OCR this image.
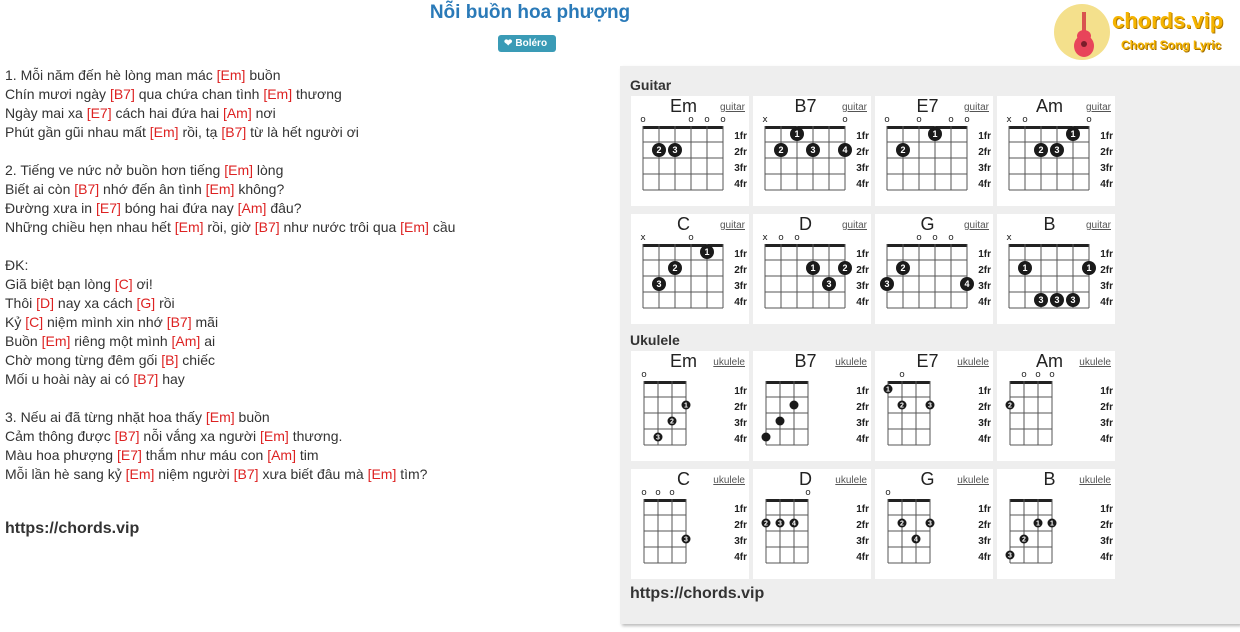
Nỗi buồn hoa phượng
❤ Boléro
chords.vip
Chord Song Lyric
1. Mỗi năm đến hè lòng man mác [Em] buồn
Chín mươi ngày [B7] qua chứa chan tình [Em] thương
Ngày mai xa [E7] cách hai đứa hai [Am] nơi
Phút gần gũi nhau mất [Em] rồi, tạ [B7] từ là hết người ơi
2. Tiếng ve nức nở buồn hơn tiếng [Em] lòng
Biết ai còn [B7] nhớ đến ân tình [Em] không?
Đường xưa in [E7] bóng hai đứa nay [Am] đâu?
Những chiều hẹn nhau hết [Em] rồi, giờ [B7] như nước trôi qua [Em] cầu
ĐK:
Giã biệt bạn lòng [C] ơi!
Thôi [D] nay xa cách [G] rồi
Kỷ [C] niệm mình xin nhớ [B7] mãi
Buồn [Em] riêng một mình [Am] ai
Chờ mong từng đêm gối [B] chiếc
Mối u hoài này ai có [B7] hay
3. Nếu ai đã từng nhặt hoa thấy [Em] buồn
Cảm thông được [B7] nỗi vắng xa người [Em] thương.
Màu hoa phượng [E7] thắm như máu con [Am] tim
Mỗi lần hè sang kỷ [Em] niệm người [B7] xưa biết đâu mà [Em] tìm?
https://chords.vip
Guitar
Em	guitar
1fr
2fr
3fr
4fr
o	o o o
2 3
B7	guitar
1fr
2fr
3fr
4fr
x	o
1
2	3	4
E7	guitar
1fr
2fr
3fr
4fr
o	o	o o
1
2
Am	guitar
1fr
2fr
3fr
4fr
x o	o
1
2 3
C	guitar
1fr
2fr
3fr
4fr
x	o
1
2
3
D	guitar
1fr
2fr
3fr
4fr
x o o
1	2
3
G	guitar
1fr
2fr
3fr
4fr
o o o
2
3	4
B	guitar
1fr
2fr
3fr
4fr
x
1	1
3 3 3
Ukulele
Em	ukulele
1fr
2fr
3fr
4fr
o
1
2
3
B7	ukulele
1fr
2fr
3fr
4fr
E7	ukulele
1fr
2fr
3fr
4fr
o
1
2	3
Am	ukulele
1fr
2fr
3fr
4fr
o o o
2
C	ukulele
1fr
2fr
3fr
4fr
o o o
3
D	ukulele
1fr
2fr
3fr
4fr
o
2 3 4
G	ukulele
1fr
2fr
3fr
4fr
o
2	3
4
B	ukulele
1fr
2fr
3fr
4fr
1 1
2
3
https://chords.vip
